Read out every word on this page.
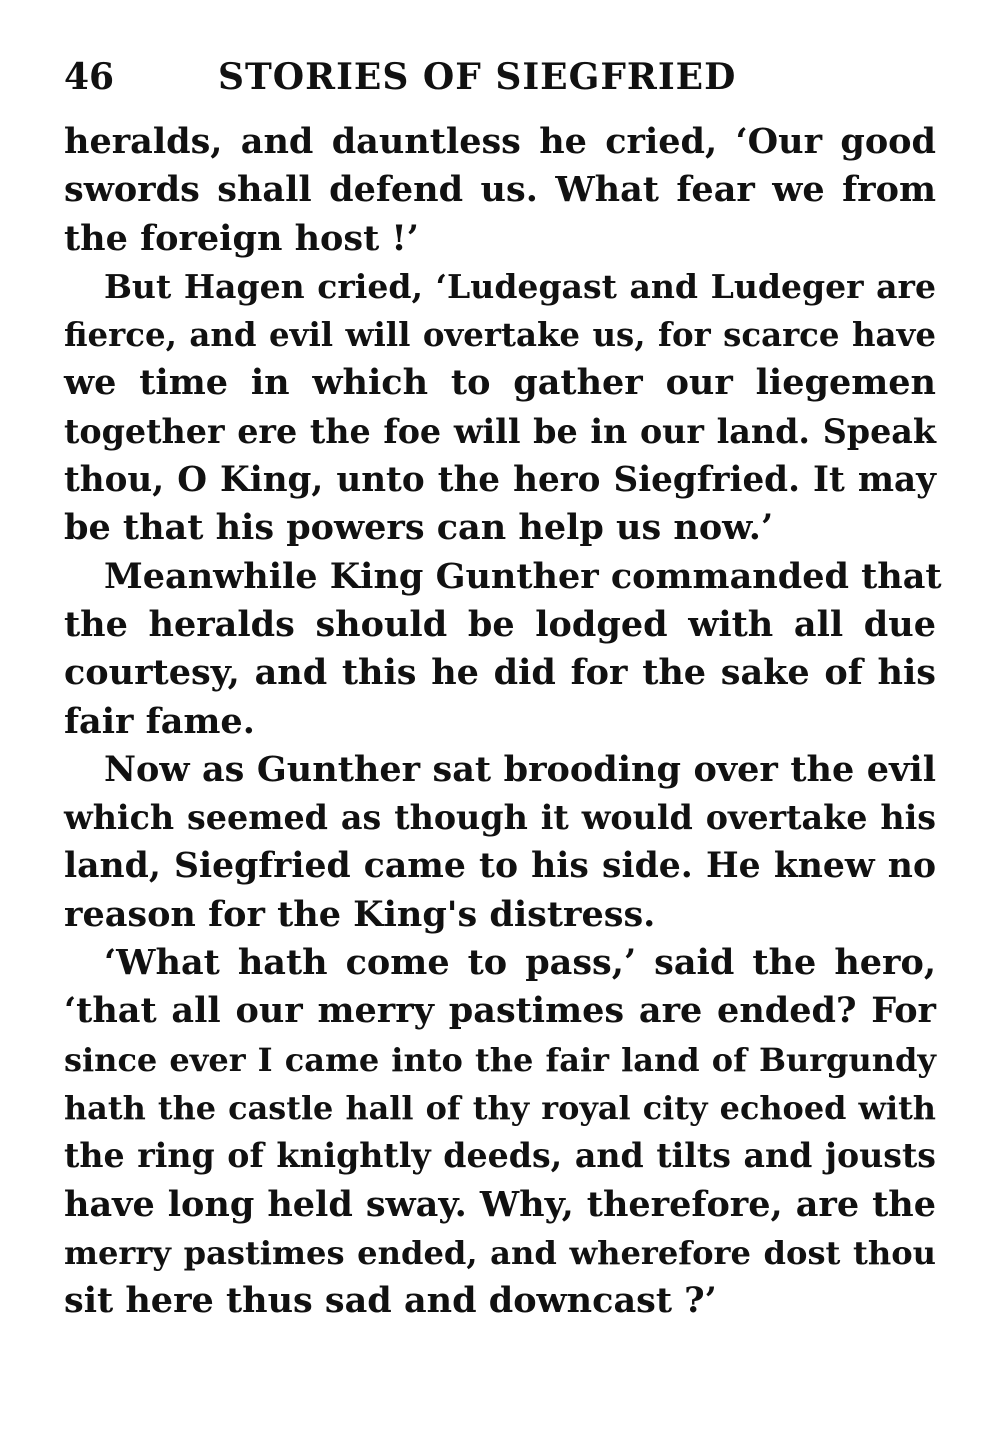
46	STORIES OF SIEGFRIED

heralds, and dauntless he cried, ‘Our good
swords shall defend us. What fear we from
the foreign host !’

But Hagen cried, ‘Ludegast and Ludeger are
fierce, and evil will overtake us, for scarce have
we time in which to gather our liegemen
together ere the foe will be in our land. Speak
thou, O King, unto the hero Siegfried. It may
be that his powers can help us now.’

Meanwhile King Gunther commanded that
the heralds should be lodged with all due
courtesy, and this he did for the sake of his
fair fame.

Now as Gunther sat brooding over the evil
which seemed as though it would overtake his
land, Siegfried came to his side. He knew no
reason for the King's distress.

‘What hath come to pass,’ said the hero,
‘that all our merry pastimes are ended? For
since ever I came into the fair land of Burgundy
hath the castle hall of thy royal city echoed with
the ring of knightly deeds, and tilts and jousts
have long held sway. Why, therefore, are the
merry pastimes ended, and wherefore dost thou
sit here thus sad and downcast ?’
